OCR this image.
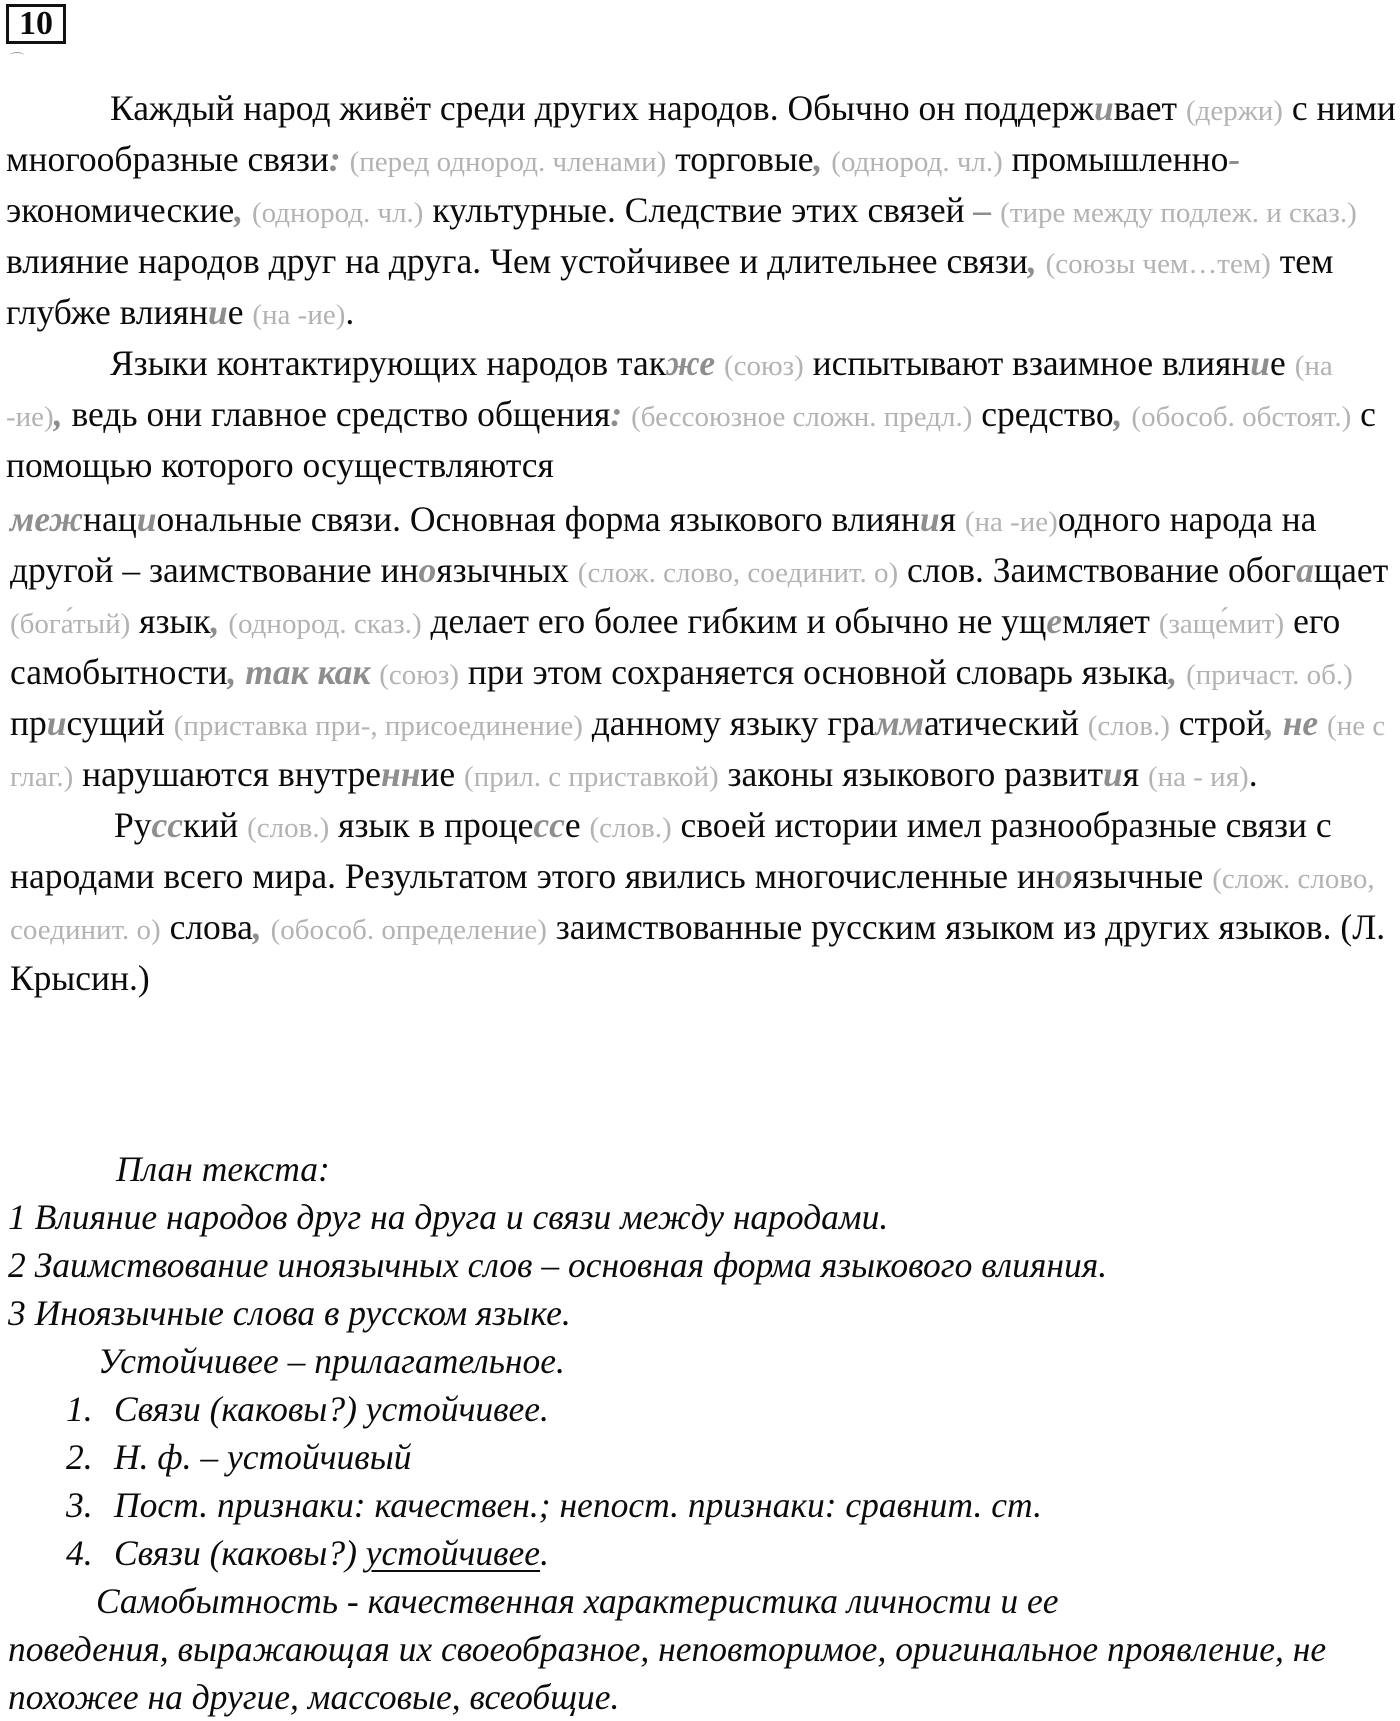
10

Каждый народ живёт среди других народов. Обычно он поддерживает (держи) с ними многообразные связи: (перед однород. членами) торговые, (однород. чл.) промышленно-экономические, (однород. чл.) культурные. Следствие этих связей – (тире между подлеж. и сказ.) влияние народов друг на друга. Чем устойчивее и длительнее связи, (союзы чем…тем) тем глубже влияние (на -ие).

Языки контактирующих народов также (союз) испытывают взаимное влияние (на -ие), ведь они главное средство общения: (бессоюзное сложн. предл.) средство, (обособ. обстоят.) с помощью которого осуществляются

межнациональные связи. Основная форма языкового влияния (на -ие)одного народа на другой – заимствование иноязычных (слож. слово, соединит. о) слов. Заимствование обогащает (бога́тый) язык, (однород. сказ.) делает его более гибким и обычно не ущемляет (заще́мит) его самобытности, так как (союз) при этом сохраняется основной словарь языка, (причаст. об.) присущий (приставка при-, присоединение) данному языку грамматический (слов.) строй, не (не с глаг.) нарушаются внутренние (прил. с приставкой) законы языкового развития (на - ия).

Русский (слов.) язык в процессе (слов.) своей истории имел разнообразные связи с народами всего мира. Результатом этого явились многочисленные иноязычные (слож. слово, соединит. о) слова, (обособ. определение) заимствованные русским языком из других языков. (Л. Крысин.)

План текста:

1 Влияние народов друг на друга и связи между народами.

2 Заимствование иноязычных слов – основная форма языкового влияния.

3 Иноязычные слова в русском языке.

Устойчивее – прилагательное.

1. Связи (каковы?) устойчивее.

2. Н. ф. – устойчивый

3. Пост. признаки: качествен.; непост. признаки: сравнит. ст.

4. Связи (каковы?) устойчивее.

Самобытность - качественная характеристика личности и ее

поведения, выражающая их своеобразное, неповторимое, оригинальное проявление, не похожее на другие, массовые, всеобщие.
